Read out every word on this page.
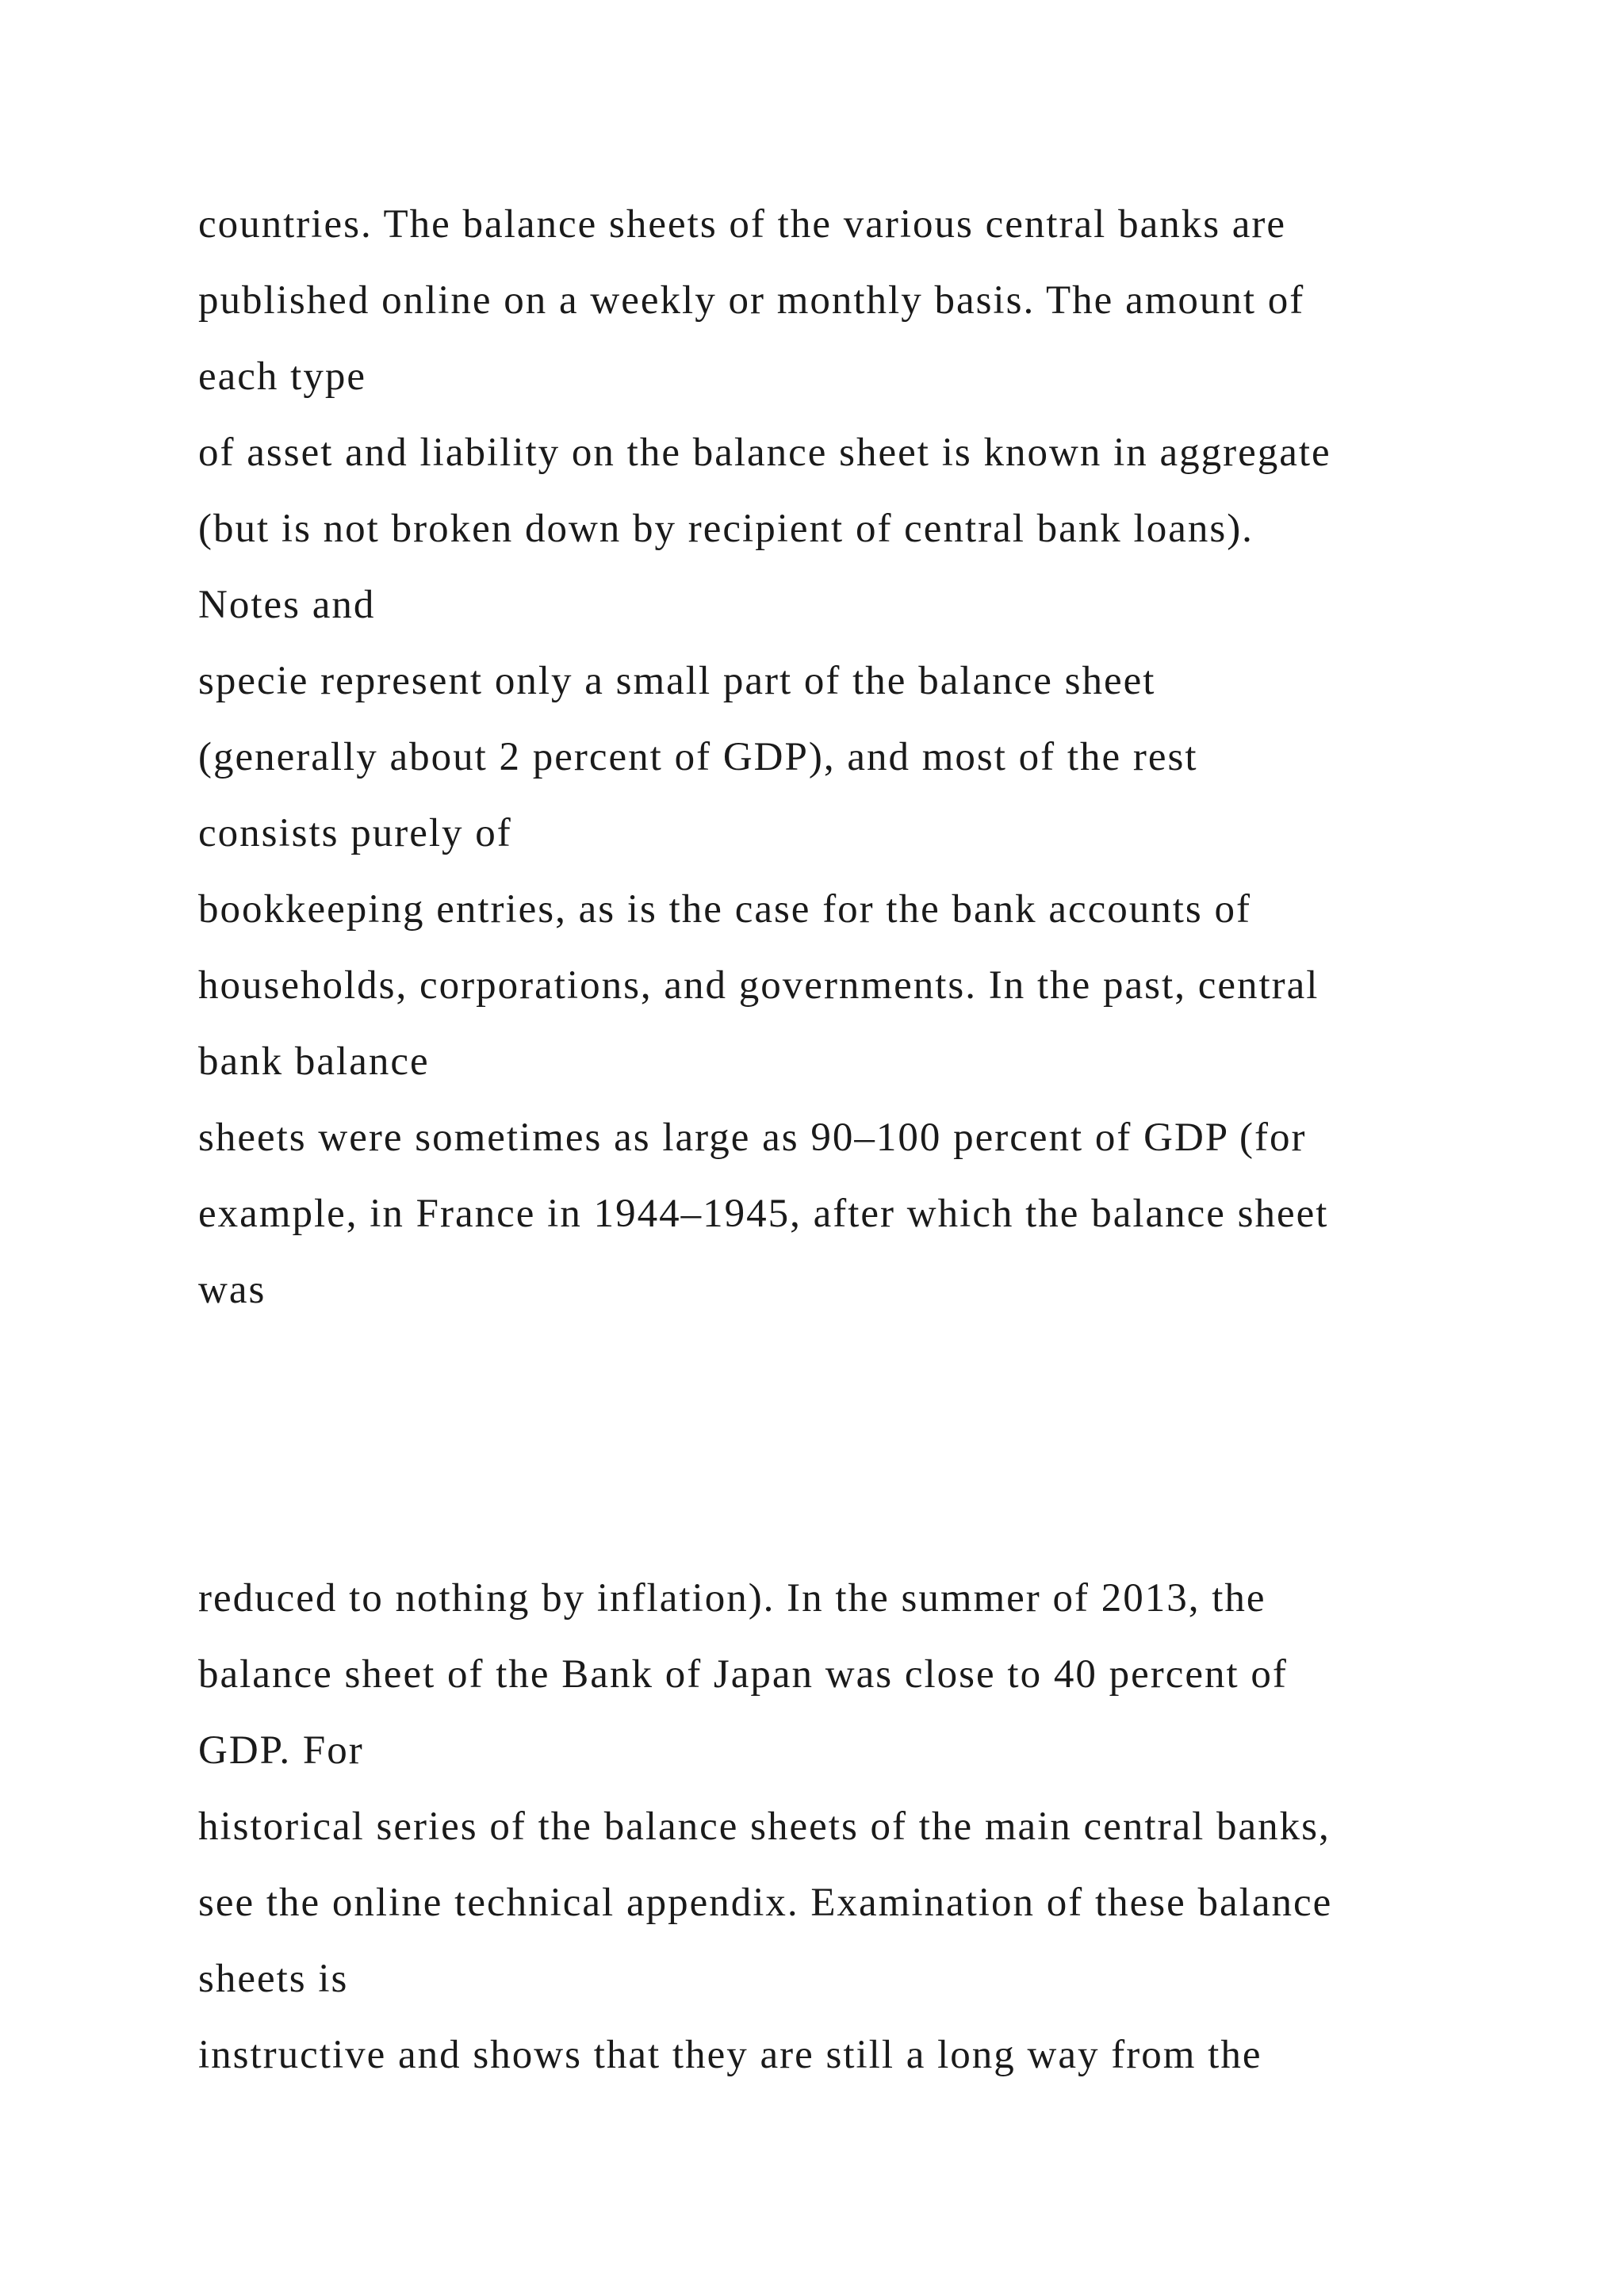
countries. The balance sheets of the various central banks are
published online on a weekly or monthly basis. The amount of
each type
of asset and liability on the balance sheet is known in aggregate
(but is not broken down by recipient of central bank loans).
Notes and
specie represent only a small part of the balance sheet
(generally about 2 percent of GDP), and most of the rest
consists purely of
bookkeeping entries, as is the case for the bank accounts of
households, corporations, and governments. In the past, central
bank balance
sheets were sometimes as large as 90–100 percent of GDP (for
example, in France in 1944–1945, after which the balance sheet
was
reduced to nothing by inflation). In the summer of 2013, the
balance sheet of the Bank of Japan was close to 40 percent of
GDP. For
historical series of the balance sheets of the main central banks,
see the online technical appendix. Examination of these balance
sheets is
instructive and shows that they are still a long way from the
